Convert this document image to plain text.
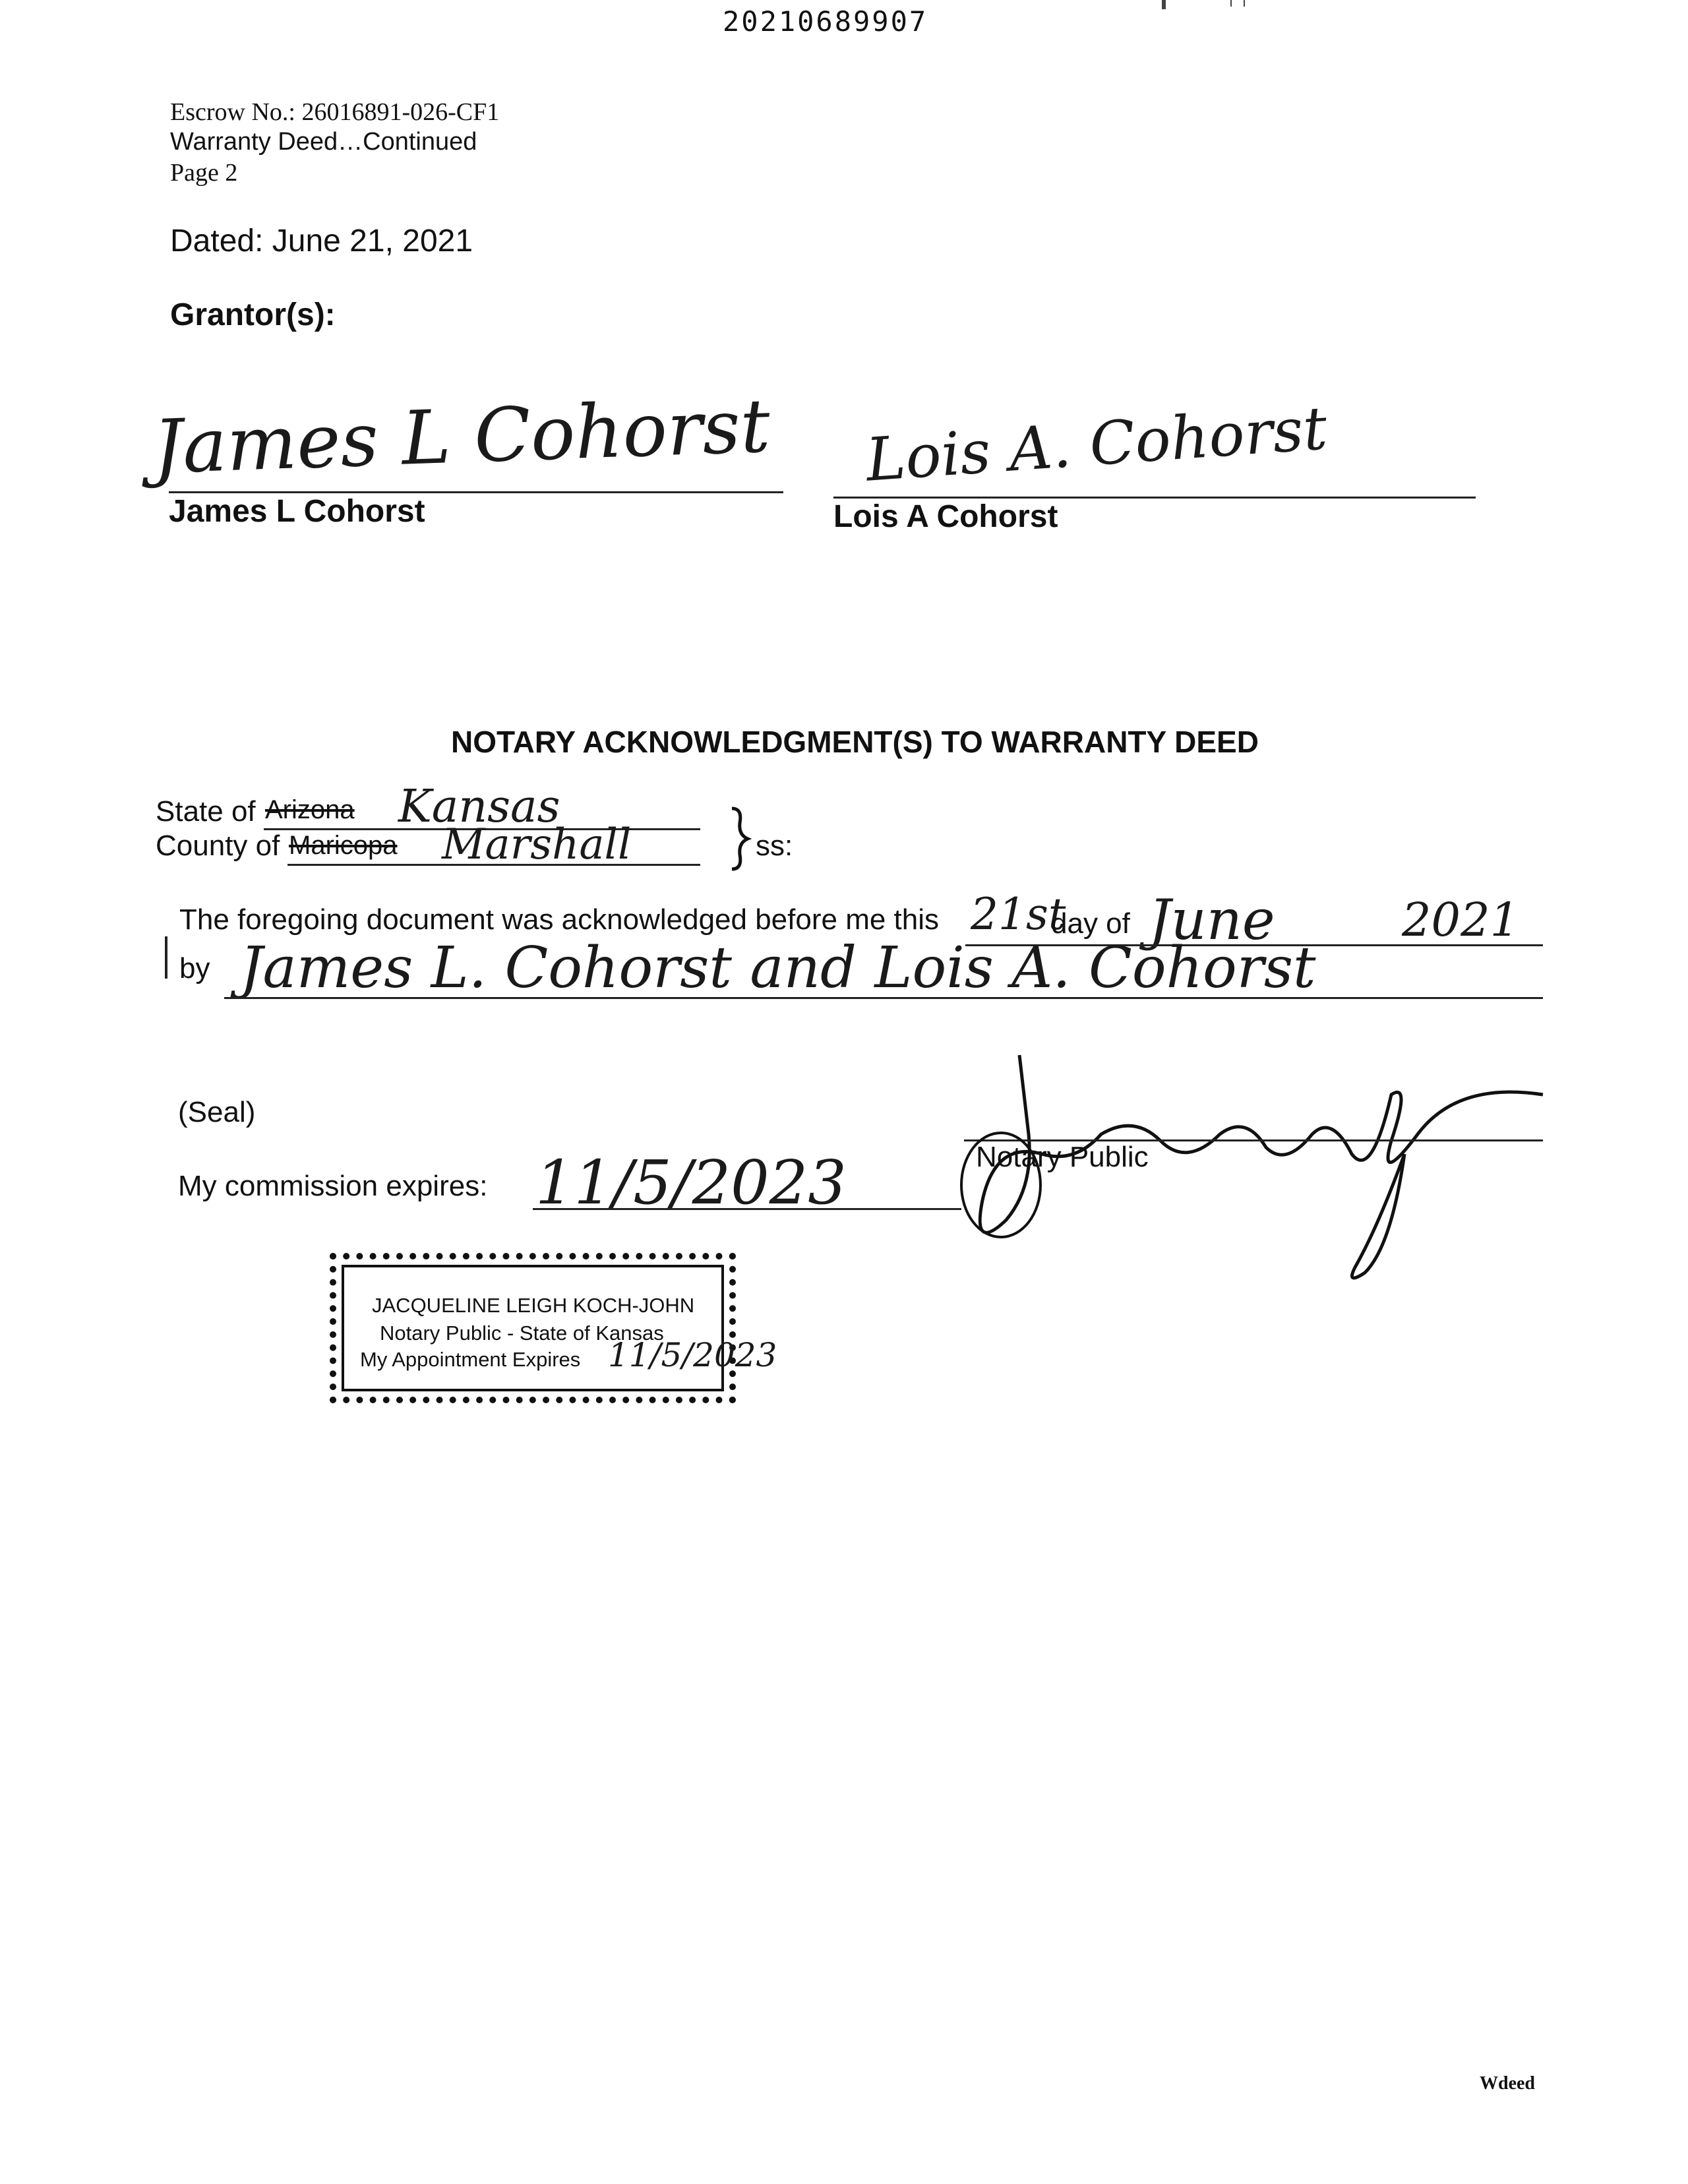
20210689907
Escrow No.: 26016891-026-CF1
Warranty Deed…Continued
Page 2
Dated: June 21, 2021
Grantor(s):
James L Cohorst
James L Cohorst
Lois A. Cohorst
Lois A Cohorst
NOTARY ACKNOWLEDGMENT(S) TO WARRANTY DEED
State of Arizona Kansas
County of Maricopa Marshall	ss:
The foregoing document was acknowledged before me this 21st
day of June	2021
by James L. Cohorst and Lois A. Cohorst
(Seal)
My commission expires: 11/5/2023	Notary Public
JACQUELINE LEIGH KOCH-JOHN
Notary Public - State of Kansas
My Appointment Expires 11/5/2023
Wdeed
